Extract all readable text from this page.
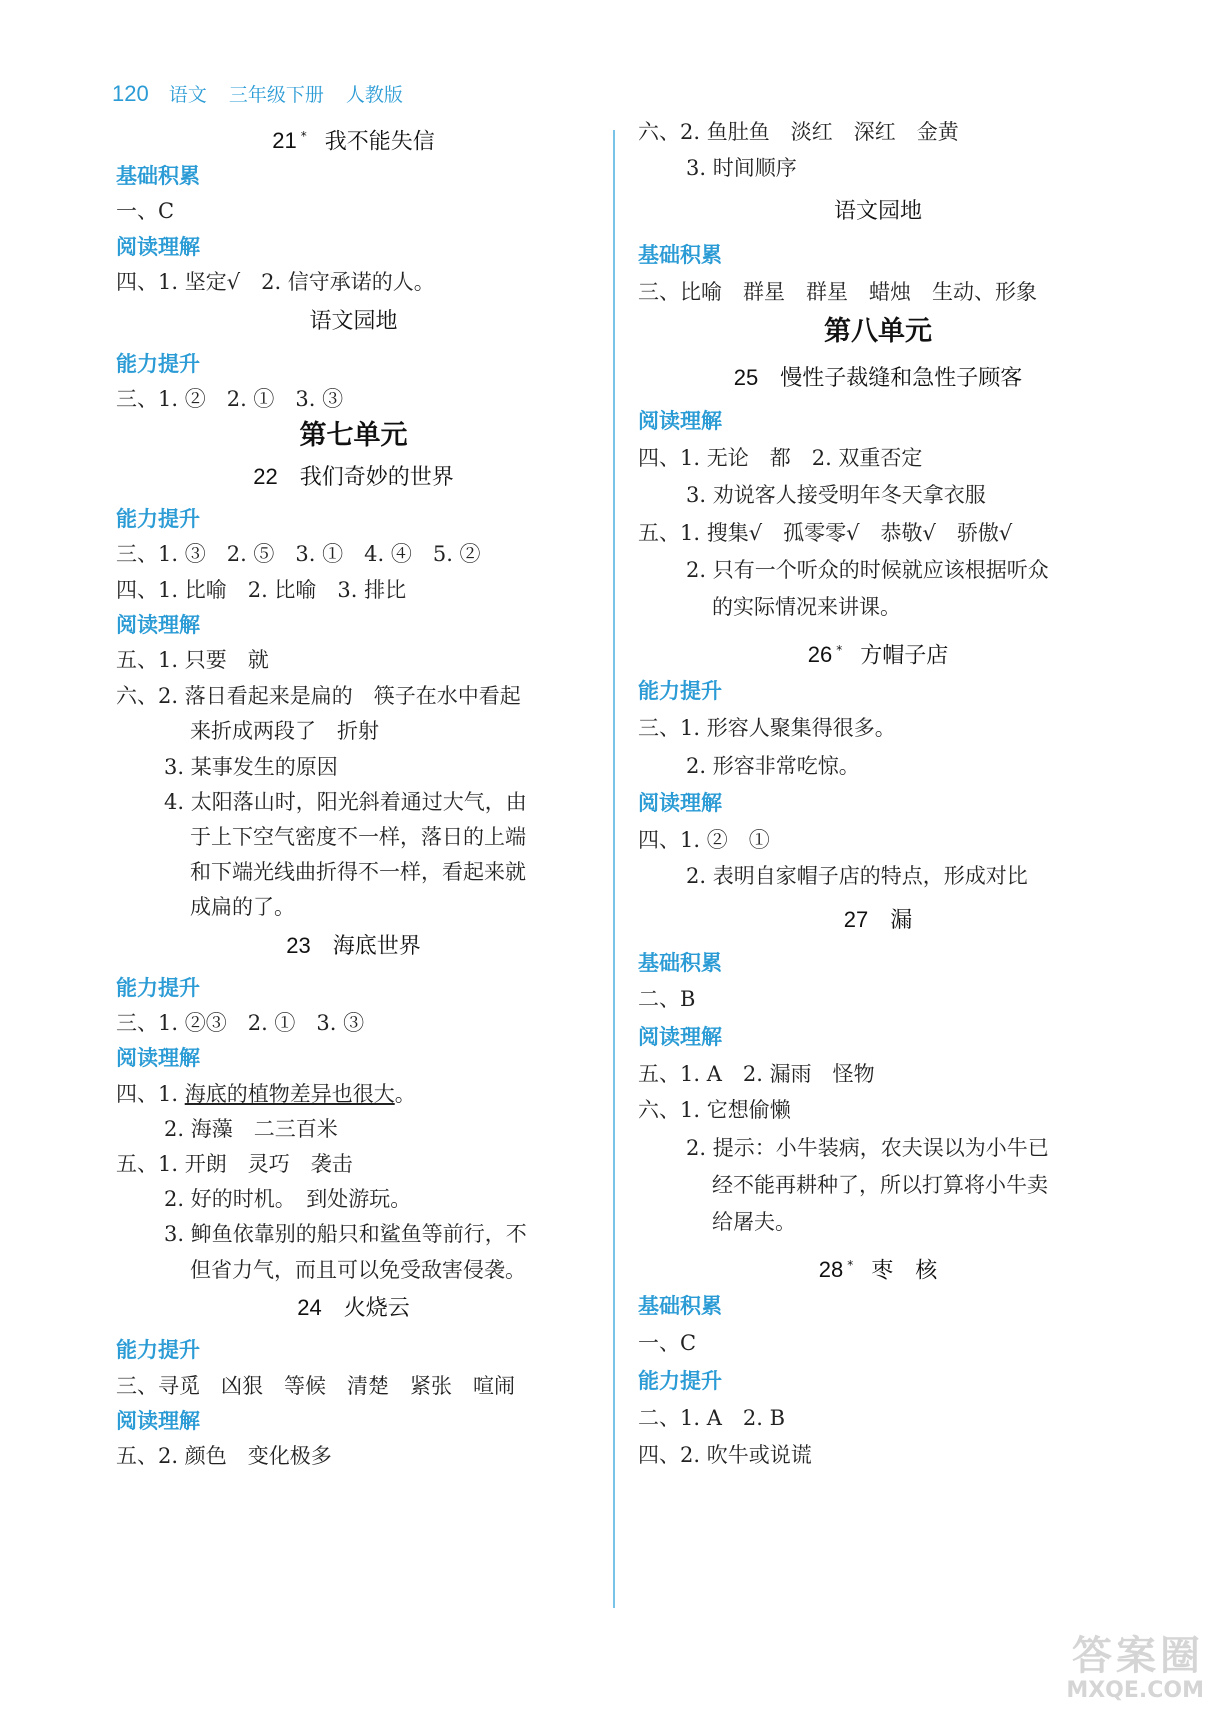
120 语文 三年级下册 人教版
21 * 我不能失信
基础积累
一、C
阅读理解
四、1. 坚定√　2. 信守承诺的人。
语文园地
能力提升
三、1. ②　2. ①　3. ③
第七单元
22 我们奇妙的世界
能力提升
三、1. ③　2. ⑤　3. ①　4. ④　5. ②
四、1. 比喻　2. 比喻　3. 排比
阅读理解
五、1. 只要　就
六、2. 落日看起来是扁的　筷子在水中看起
来折成两段了　折射
3. 某事发生的原因
4. 太阳落山时，阳光斜着通过大气，由
于上下空气密度不一样，落日的上端
和下端光线曲折得不一样，看起来就
成扁的了。
23 海底世界
能力提升
三、1. ②③　2. ①　3. ③
阅读理解
四、1. 海底的植物差异也很大。
2. 海藻　二三百米
五、1. 开朗　灵巧　袭击
2. 好的时机。　到处游玩。
3. 䲟鱼依靠别的船只和鲨鱼等前行，不
但省力气，而且可以免受敌害侵袭。
24 火烧云
能力提升
三、寻觅　凶狠　等候　清楚　紧张　喧闹
阅读理解
五、2. 颜色　变化极多
六、2. 鱼肚鱼　淡红　深红　金黄
3. 时间顺序
语文园地
基础积累
三、比喻　群星　群星　蜡烛　生动、形象
第八单元
25 慢性子裁缝和急性子顾客
阅读理解
四、1. 无论　都　2. 双重否定
3. 劝说客人接受明年冬天拿衣服
五、1. 搜集√　孤零零√　恭敬√　骄傲√
2. 只有一个听众的时候就应该根据听众
的实际情况来讲课。
26 * 方帽子店
能力提升
三、1. 形容人聚集得很多。
2. 形容非常吃惊。
阅读理解
四、1. ②　①
2. 表明自家帽子店的特点，形成对比
27 漏
基础积累
二、B
阅读理解
五、1. A　2. 漏雨　怪物
六、1. 它想偷懒
2. 提示：小牛装病，农夫误以为小牛已
经不能再耕种了，所以打算将小牛卖
给屠夫。
28 * 枣　核
基础积累
一、C
能力提升
二、1. A　2. B
四、2. 吹牛或说谎
答案圈
MXQE.COM
